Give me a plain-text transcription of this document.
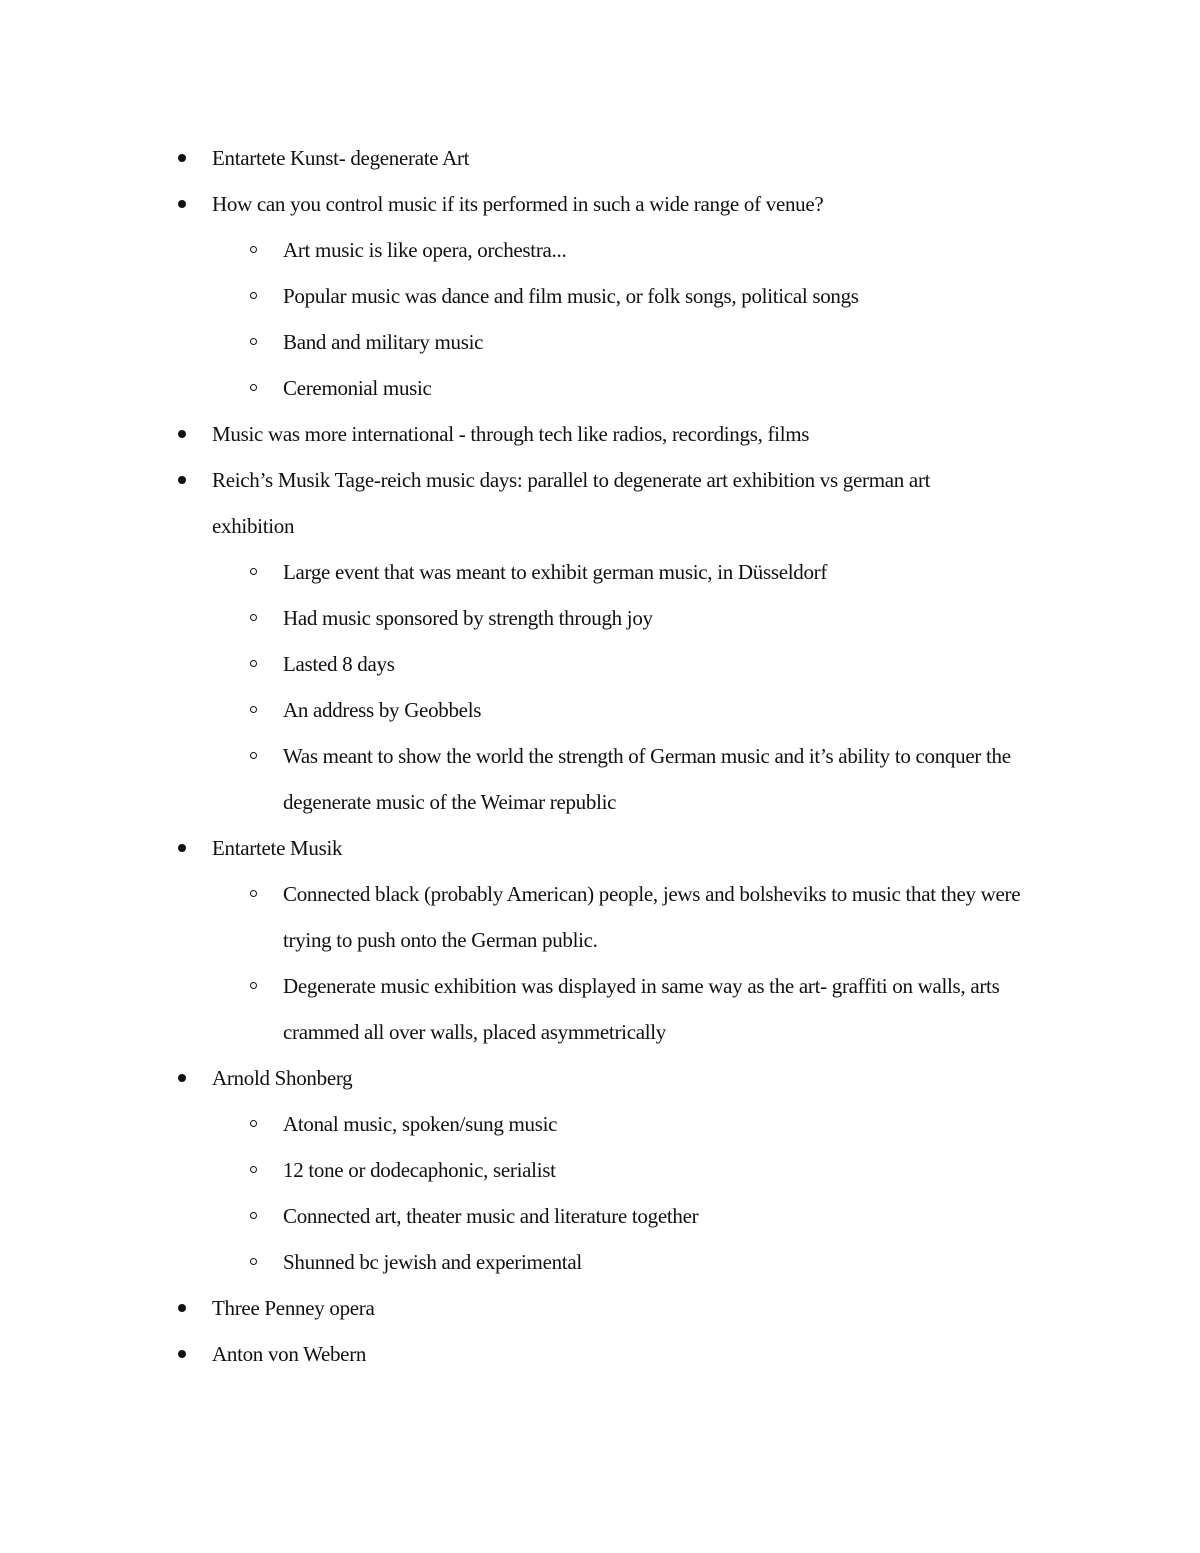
Entartete Kunst- degenerate Art
How can you control music if its performed in such a wide range of venue?
Art music is like opera, orchestra...
Popular music was dance and film music, or folk songs, political songs
Band and military music
Ceremonial music
Music was more international - through tech like radios, recordings, films
Reich’s Musik Tage-reich music days: parallel to degenerate art exhibition vs german art exhibition
Large event that was meant to exhibit german music, in Düsseldorf
Had music sponsored by strength through joy
Lasted 8 days
An address by Geobbels
Was meant to show the world the strength of German music and it’s ability to conquer the degenerate music of the Weimar republic
Entartete Musik
Connected black (probably American) people, jews and bolsheviks to music that they were trying to push onto the German public.
Degenerate music exhibition was displayed in same way as the art- graffiti on walls, arts crammed all over walls, placed asymmetrically
Arnold Shonberg
Atonal music, spoken/sung music
12 tone or dodecaphonic, serialist
Connected art, theater music and literature together
Shunned bc jewish and experimental
Three Penney opera
Anton von Webern
